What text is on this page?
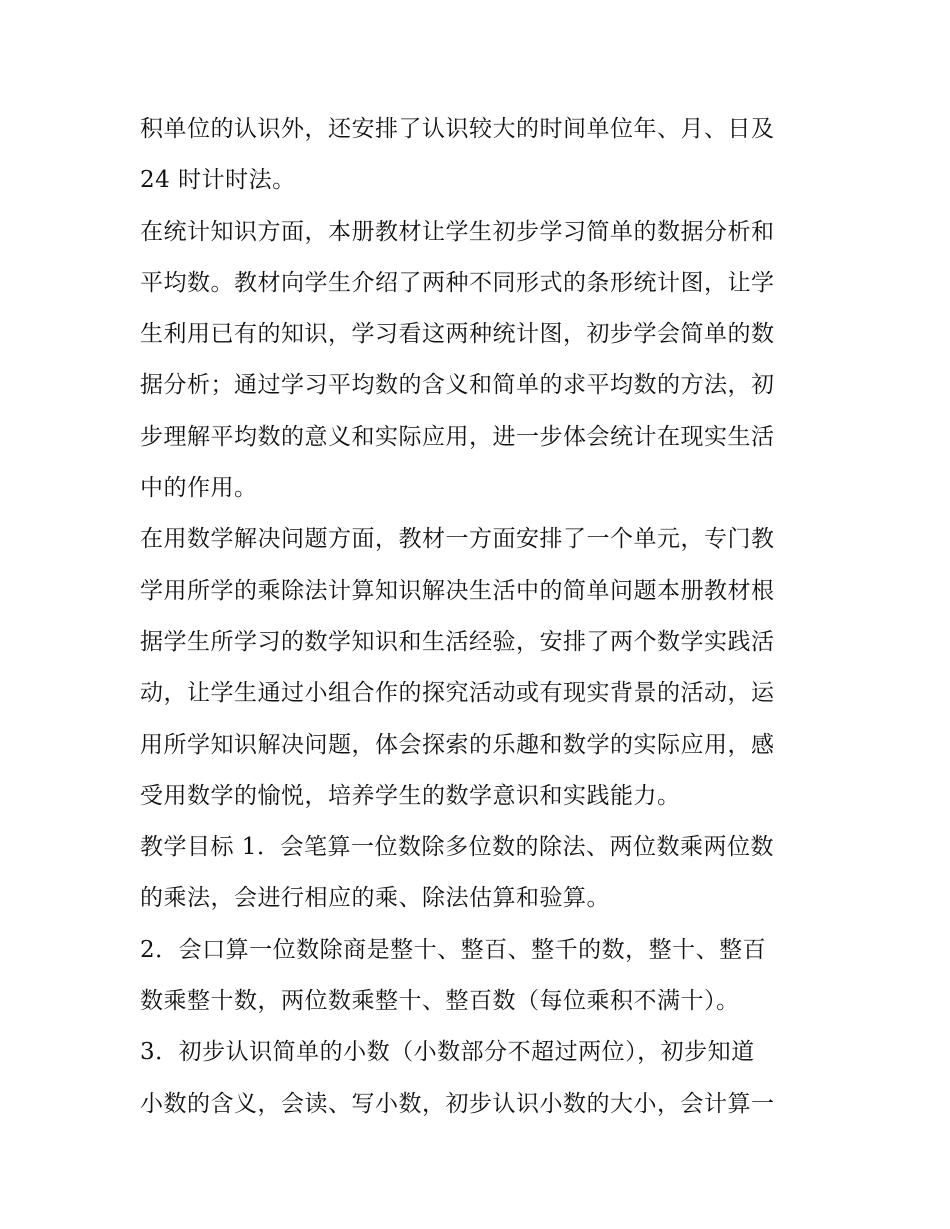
积单位的认识外，还安排了认识较大的时间单位年、月、日及
24 时计时法。
在统计知识方面，本册教材让学生初步学习简单的数据分析和
平均数。教材向学生介绍了两种不同形式的条形统计图，让学
生利用已有的知识，学习看这两种统计图，初步学会简单的数
据分析；通过学习平均数的含义和简单的求平均数的方法，初
步理解平均数的意义和实际应用，进一步体会统计在现实生活
中的作用。
在用数学解决问题方面，教材一方面安排了一个单元，专门教
学用所学的乘除法计算知识解决生活中的简单问题本册教材根
据学生所学习的数学知识和生活经验，安排了两个数学实践活
动，让学生通过小组合作的探究活动或有现实背景的活动，运
用所学知识解决问题，体会探索的乐趣和数学的实际应用，感
受用数学的愉悦，培养学生的数学意识和实践能力。
教学目标 1．会笔算一位数除多位数的除法、两位数乘两位数
的乘法，会进行相应的乘、除法估算和验算。
2．会口算一位数除商是整十、整百、整千的数，整十、整百
数乘整十数，两位数乘整十、整百数（每位乘积不满十）。
3．初步认识简单的小数（小数部分不超过两位），初步知道
小数的含义，会读、写小数，初步认识小数的大小，会计算一
